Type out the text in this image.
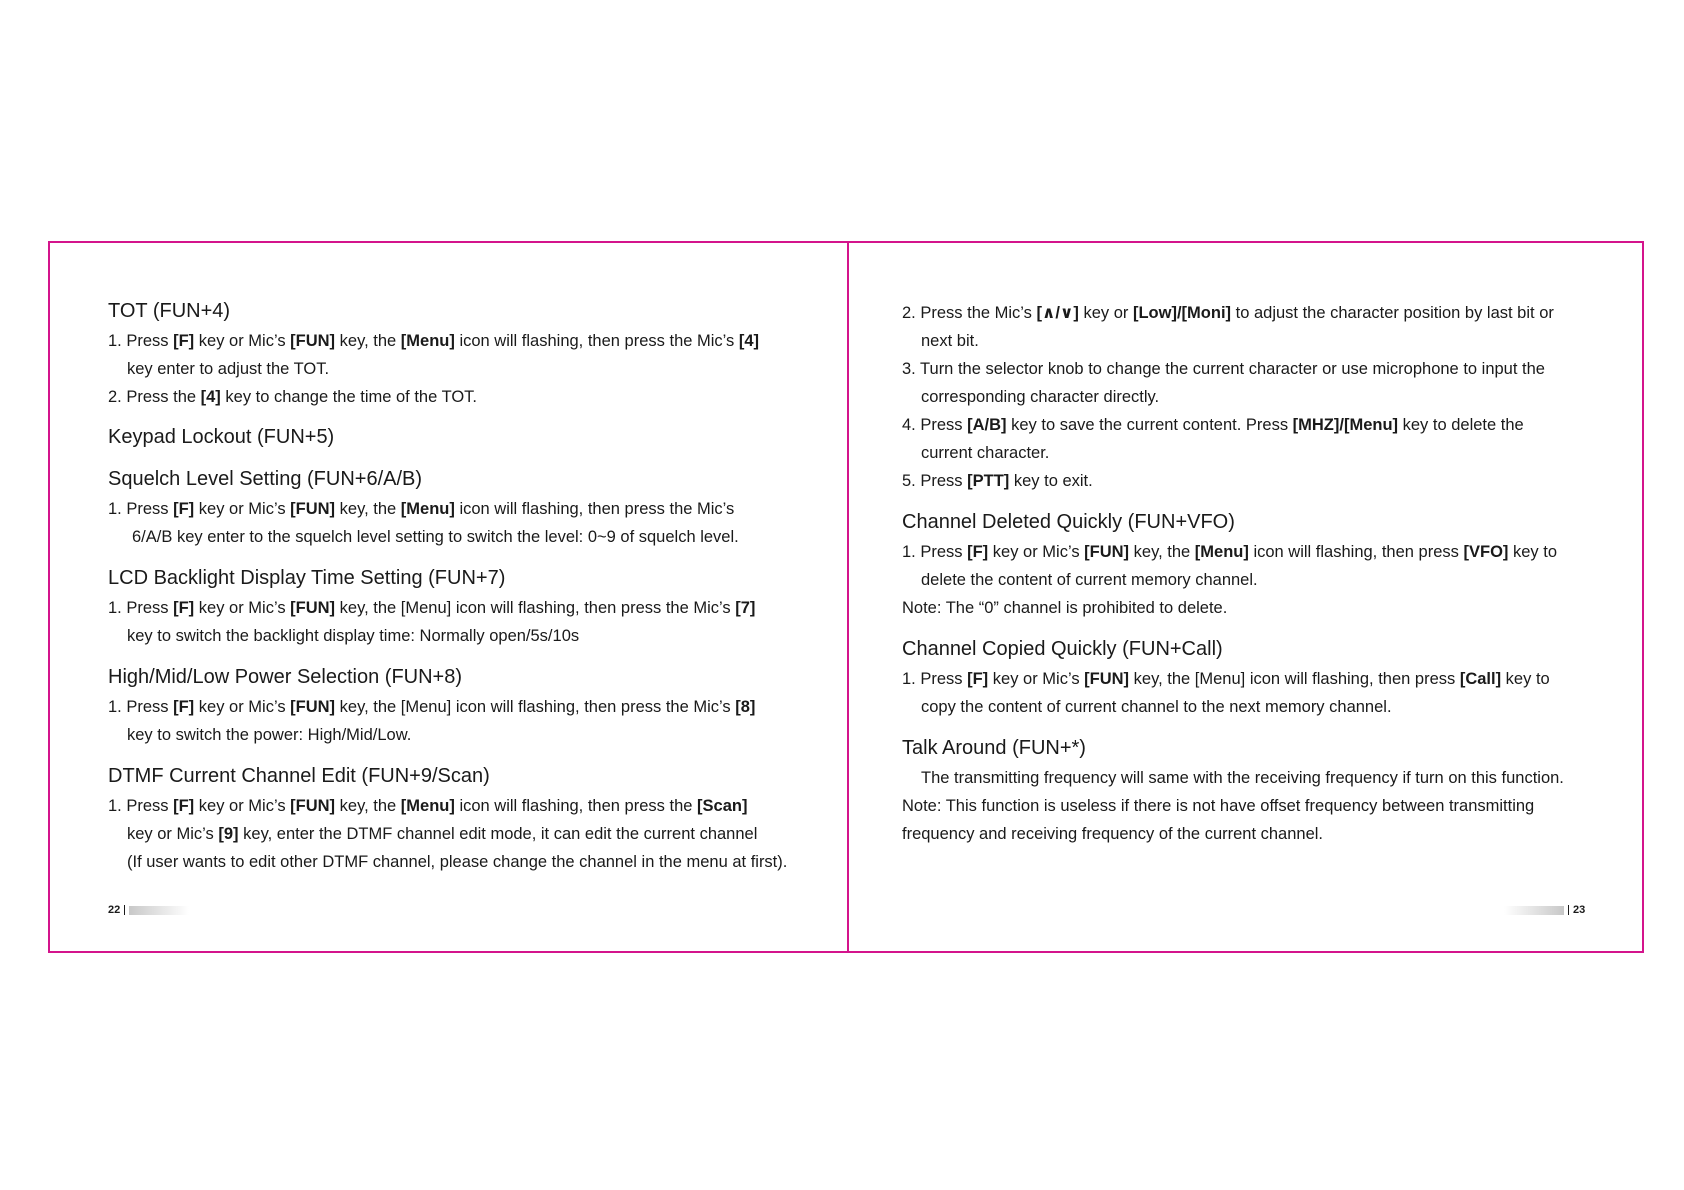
TOT (FUN+4)
1. Press [F] key or Mic’s [FUN] key, the [Menu] icon will flashing, then press the Mic’s [4]
key enter to adjust the TOT.
2. Press the [4] key to change the time of the TOT.
Keypad Lockout (FUN+5)
Squelch Level Setting (FUN+6/A/B)
1. Press [F] key or Mic’s [FUN] key, the [Menu] icon will flashing, then press the Mic’s
6/A/B key enter to the squelch level setting to switch the level: 0~9 of squelch level.
LCD Backlight Display Time Setting (FUN+7)
1. Press [F] key or Mic’s [FUN] key, the [Menu] icon will flashing, then press the Mic’s [7]
key to switch the backlight display time: Normally open/5s/10s
High/Mid/Low Power Selection (FUN+8)
1. Press [F] key or Mic’s [FUN] key, the [Menu] icon will flashing, then press the Mic’s [8]
key to switch the power: High/Mid/Low.
DTMF Current Channel Edit (FUN+9/Scan)
1. Press [F] key or Mic’s [FUN] key, the [Menu] icon will flashing, then press the [Scan]
key or Mic’s [9] key, enter the DTMF channel edit mode, it can edit the current channel
(If user wants to edit other DTMF channel, please change the channel in the menu at first).
22
2. Press the Mic’s [∧/∨] key or [Low]/[Moni] to adjust the character position by last bit or
next bit.
3. Turn the selector knob to change the current character or use microphone to input the
corresponding character directly.
4. Press [A/B] key to save the current content. Press [MHZ]/[Menu] key to delete the
current character.
5. Press [PTT] key to exit.
Channel Deleted Quickly (FUN+VFO)
1. Press [F] key or Mic’s [FUN] key, the [Menu] icon will flashing, then press [VFO] key to
delete the content of current memory channel.
Note: The “0” channel is prohibited to delete.
Channel Copied Quickly (FUN+Call)
1. Press [F] key or Mic’s [FUN] key, the [Menu] icon will flashing, then press [Call] key to
copy the content of current channel to the next memory channel.
Talk Around (FUN+*)
The transmitting frequency will same with the receiving frequency if turn on this function.
Note: This function is useless if there is not have offset frequency between transmitting
frequency and receiving frequency of the current channel.
23
